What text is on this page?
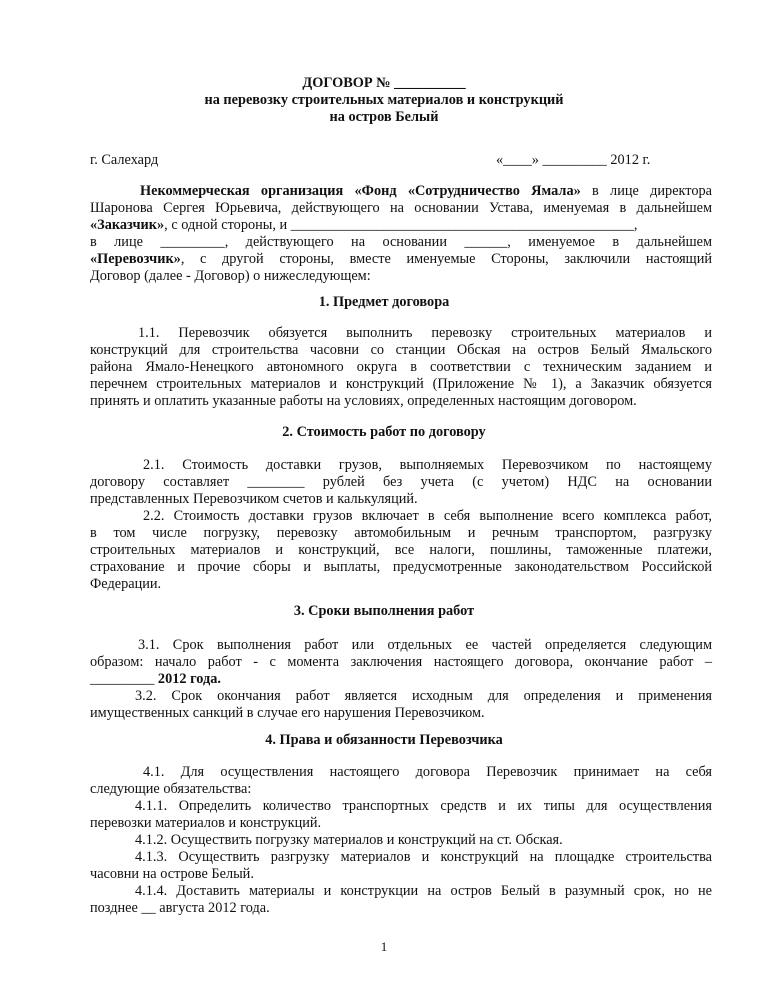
ДОГОВОР № __________
на перевозку строительных материалов и конструкций
на остров Белый
г. Салехард	«____» _________ 2012 г.
Некоммерческая организация «Фонд «Сотрудничество Ямала» в лице директора
Шаронова Сергея Юрьевича, действующего на основании Устава, именуемая в дальнейшем
«Заказчик», с одной стороны, и ________________________________________________,
в лице _________, действующего на основании ______, именуемое в дальнейшем
«Перевозчик», с другой стороны, вместе именуемые Стороны, заключили настоящий
Договор (далее - Договор) о нижеследующем:
1. Предмет договора
1.1. Перевозчик обязуется выполнить перевозку строительных материалов и
конструкций для строительства часовни со станции Обская на остров Белый Ямальского
района Ямало-Ненецкого автономного округа в соответствии с техническим заданием и
перечнем строительных материалов и конструкций (Приложение № 1), а Заказчик обязуется
принять и оплатить указанные работы на условиях, определенных настоящим договором.
2. Стоимость работ по договору
2.1. Стоимость доставки грузов, выполняемых Перевозчиком по настоящему
договору составляет ________ рублей без учета (с учетом) НДС на основании
представленных Перевозчиком счетов и калькуляций.
2.2. Стоимость доставки грузов включает в себя выполнение всего комплекса работ,
в том числе погрузку, перевозку автомобильным и речным транспортом, разгрузку
строительных материалов и конструкций, все налоги, пошлины, таможенные платежи,
страхование и прочие сборы и выплаты, предусмотренные законодательством Российской
Федерации.
3. Сроки выполнения работ
3.1. Срок выполнения работ или отдельных ее частей определяется следующим
образом: начало работ - с момента заключения настоящего договора, окончание работ –
_________ 2012 года.
3.2. Срок окончания работ является исходным для определения и применения
имущественных санкций в случае его нарушения Перевозчиком.
4. Права и обязанности Перевозчика
4.1. Для осуществления настоящего договора Перевозчик принимает на себя
следующие обязательства:
4.1.1. Определить количество транспортных средств и их типы для осуществления
перевозки материалов и конструкций.
4.1.2. Осуществить погрузку материалов и конструкций на ст. Обская.
4.1.3. Осуществить разгрузку материалов и конструкций на площадке строительства
часовни на острове Белый.
4.1.4. Доставить материалы и конструкции на остров Белый в разумный срок, но не
позднее __ августа 2012 года.
1
